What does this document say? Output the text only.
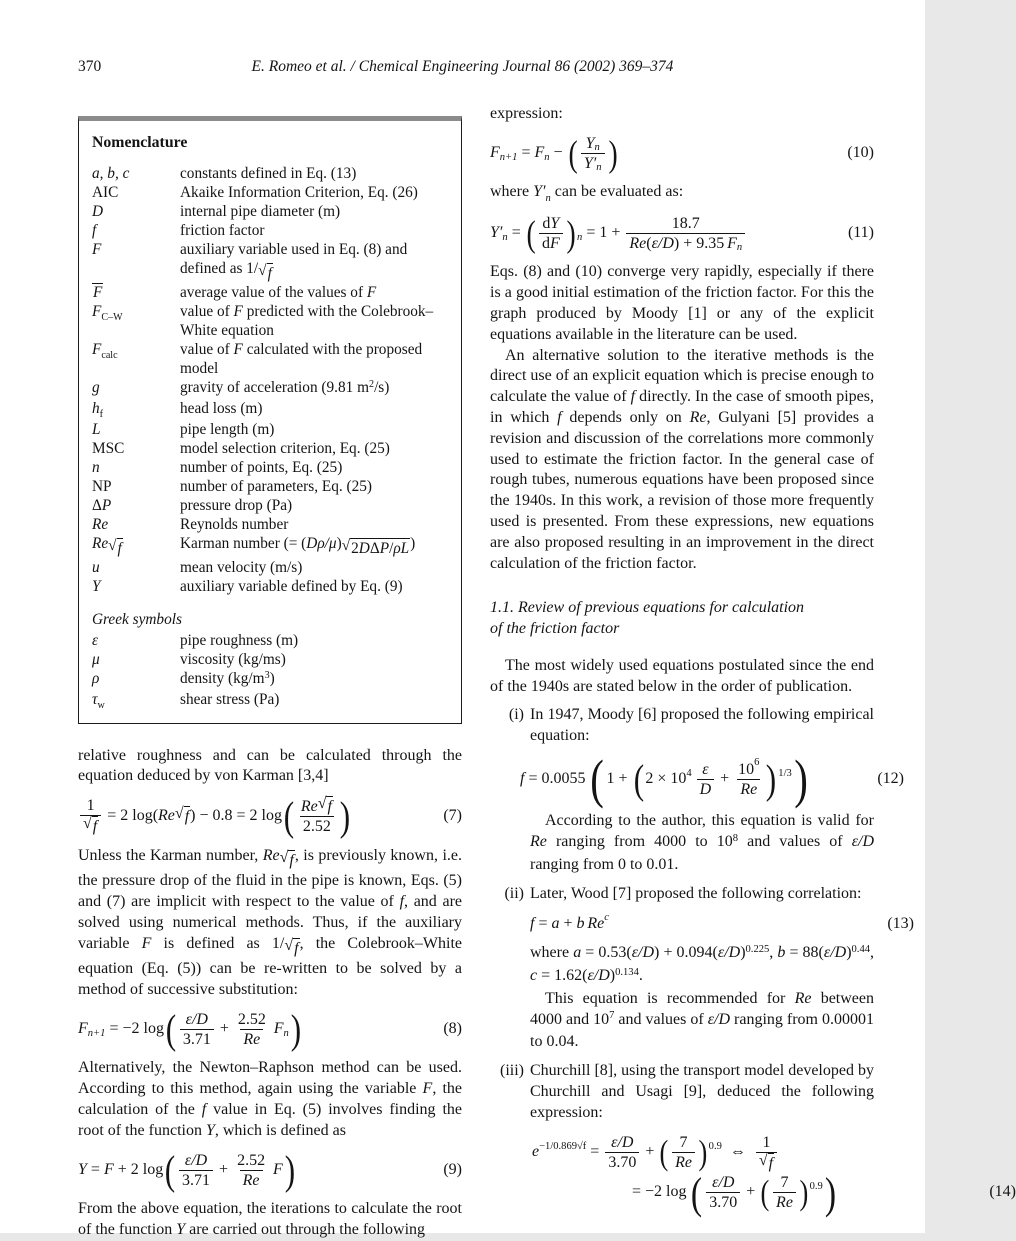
370	E. Romeo et al. / Chemical Engineering Journal 86 (2002) 369–374
Nomenclature
a, b, c	constants defined in Eq. (13)
AIC	Akaike Information Criterion, Eq. (26)
D	internal pipe diameter (m)
f	friction factor
F	auxiliary variable used in Eq. (8) and defined as 1/ √ f
F	average value of the values of F
$F_{C-W}$	value of F predicted with the Colebrook–White equation
$F_{calc}$	value of F calculated with the proposed model
g	gravity of acceleration (9.81 $m^2/s$)
$h_f$	head loss (m)
L	pipe length (m)
MSC	model selection criterion, Eq. (25)
n	number of points, Eq. (25)
NP	number of parameters, Eq. (25)
ΔP	pressure drop (Pa)
Re	Reynolds number
Re √ f	Karman number (= (Dρ/μ) √ 2DΔP/ρL )
u	mean velocity (m/s)
Y	auxiliary variable defined by Eq. (9)
Greek symbols
ε	pipe roughness (m)
μ	viscosity (kg/ms)
ρ	density $(kg/m^3)$
$\tau_w$	shear stress (Pa)
relative roughness and can be calculated through the equation deduced by von Karman [3,4]
$\frac{1}{√ f} = 2$ log( Re √ f ) − 0.8 = 2 log ( $\frac{Re √ f}{2.52}$ )	(7)
Unless the Karman number, Re √ f , is previously known, i.e. the pressure drop of the fluid in the pipe is known, Eqs. (5) and (7) are implicit with respect to the value of f, and are solved using numerical methods. Thus, if the auxiliary variable F is defined as 1/ √ f , the Colebrook–White equation (Eq. (5)) can be re-written to be solved by a method of successive substitution:
F n+1 = −2 log ( $\frac{\varepsilon/D}{3.71} + \frac{2.52}{Re}$
F n )	(8)
Alternatively, the Newton–Raphson method can be used. According to this method, again using the variable F, the calculation of the f value in Eq. (5) involves finding the root of the function Y, which is defined as
Y = F + 2 log ( $\frac{\varepsilon/D}{3.71} + \frac{2.52}{Re}$
F )	(9)
From the above equation, the iterations to calculate the root of the function Y are carried out through the following
expression:
F n+1 = F n − ( $\frac{\text{Y n}}{Y' n}$ )	(10)
where $Y'_n$ can be evaluated as:
Y′ n = ( $\frac{\text{d Y}}{\text{d F}}$ ) n = 1 + 18.7
Re ( ε/D ) + 9.35
F n	(11)
Eqs. (8) and (10) converge very rapidly, especially if there is a good initial estimation of the friction factor. For this the graph produced by Moody [1] or any of the explicit equations available in the literature can be used.
An alternative solution to the iterative methods is the direct use of an explicit equation which is precise enough to calculate the value of f directly. In the case of smooth pipes, in which f depends only on Re, Gulyani [5] provides a revision and discussion of the correlations more commonly used to estimate the friction factor. In the general case of rough tubes, numerous equations have been proposed since the 1940s. In this work, a revision of those more frequently used is presented. From these expressions, new equations are also proposed resulting in an improvement in the direct calculation of the friction factor.
1.1. Review of previous equations for calculation
of the friction factor
The most widely used equations postulated since the end of the 1940s are stated below in the order of publication.
(i) In 1947, Moody [6] proposed the following empirical equation:
f = 0.0055
( 1 + ( 2 × 10 4
$\frac{\varepsilon}{D} + \frac{10 6}{Re}$ ) 1/3 )	(12)
According to the author, this equation is valid for Re ranging from 4000 to $10^8$ and values of ε/D ranging from 0 to 0.01.
(ii) Later, Wood [7] proposed the following correlation:
f = a + b
Re c	(13)
where $a = 0.53(\varepsilon/D) + 0.094(\varepsilon/D)^{0.225}$, $b = 88(\varepsilon/D)^{0.44}$, $c = 1.62(\varepsilon/D)^{0.134}$.
This equation is recommended for Re between 4000 and $10^7$ and values of ε/D ranging from 0.00001 to 0.04.
(iii) Churchill [8], using the transport model developed by Churchill and Usagi [9], deduced the following expression:
$e -1/0.869√f = \frac{\varepsilon/D}{3.70}$ + ( $\frac{7}{Re}$ ) 0.9 ⇔ $\frac{1}{√ f}$
= −2 log
( $\frac{\varepsilon/D}{3.70}$ + ( $\frac{7}{Re}$ ) 0.9 )	(14)
